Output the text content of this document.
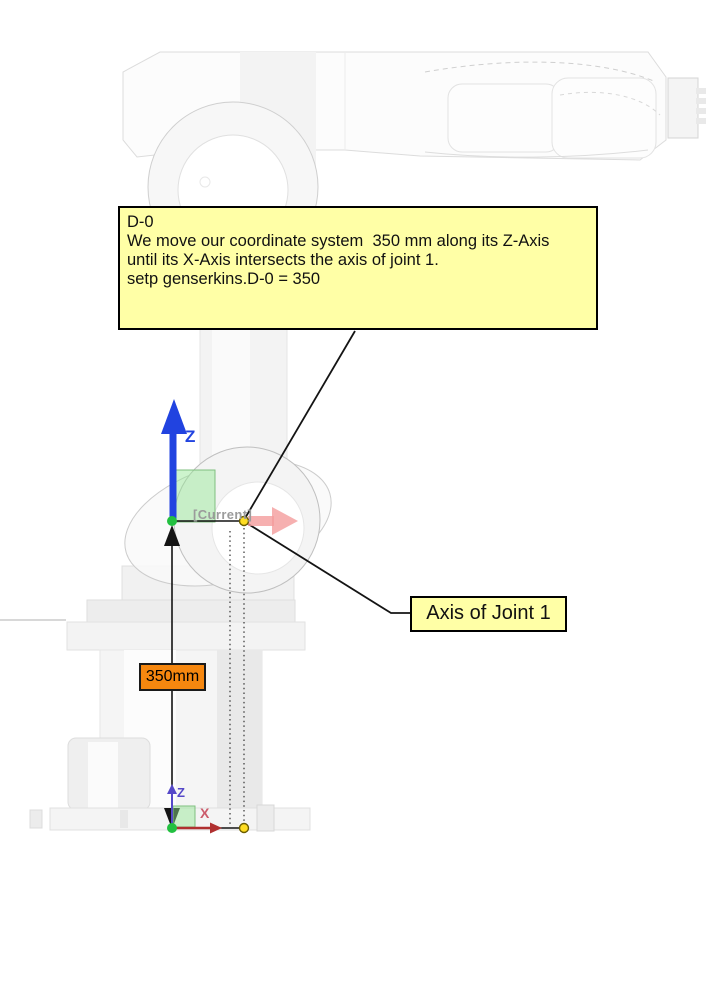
D-0

We move our coordinate system  350 mm along its Z-Axis

until its X-Axis intersects the axis of joint 1.

setp genserkins.D-0 = 350

Axis of Joint 1
350mm
[Current]
Z
Z
X
